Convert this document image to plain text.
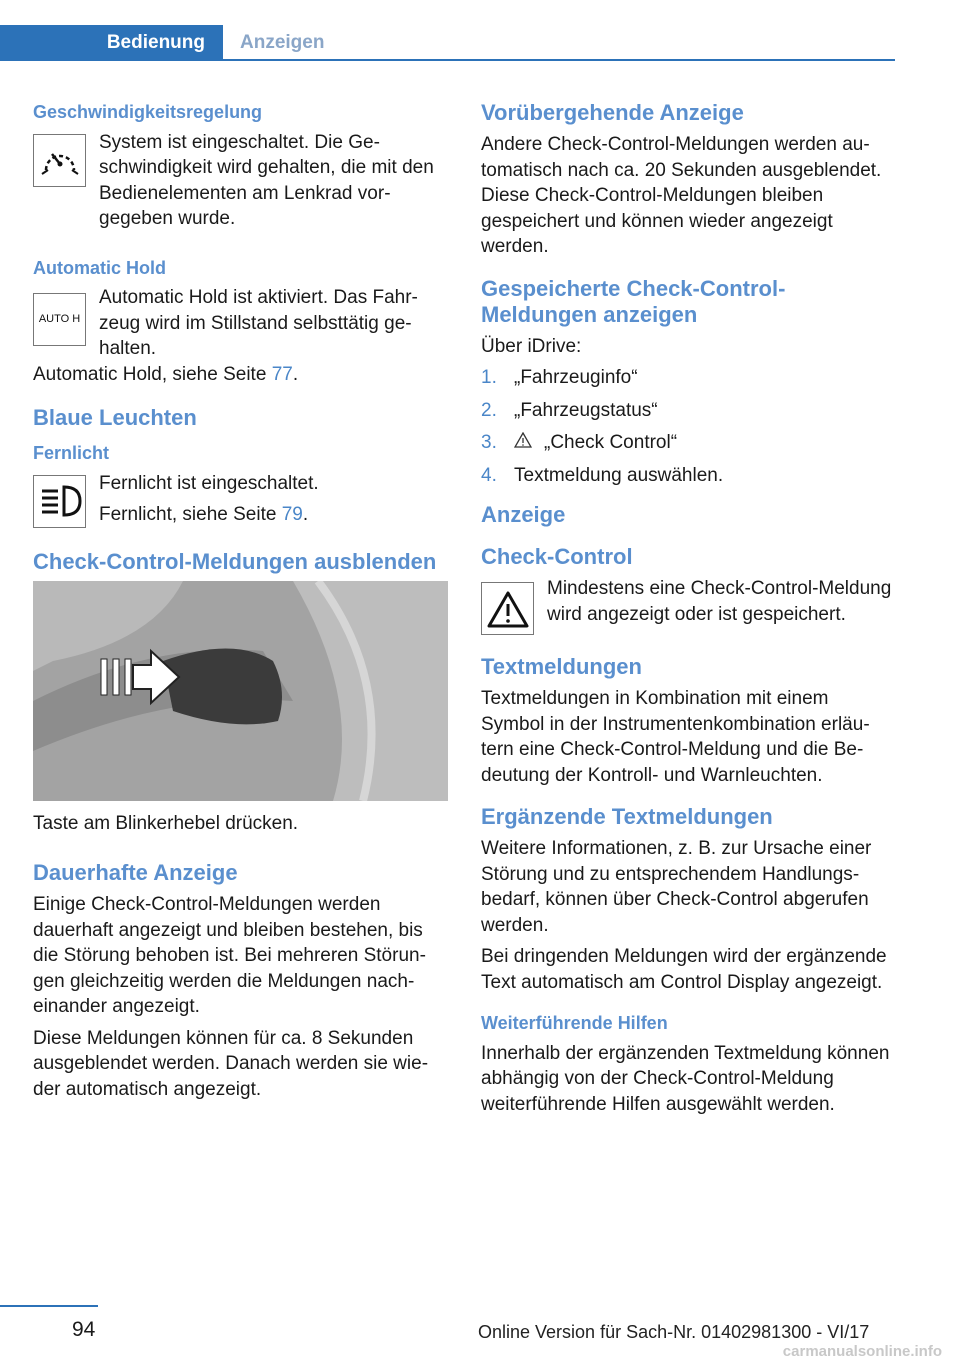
Bedienung	Anzeigen
Geschwindigkeitsregelung
System ist eingeschaltet. Die Geschwindigkeit wird gehalten, die mit den Bedienelementen am Lenkrad vorgegeben wurde.
Automatic Hold
AUTO H
Automatic Hold ist aktiviert. Das Fahrzeug wird im Stillstand selbsttätig gehalten.

Automatic Hold, siehe Seite 77.

Blaue Leuchten
Fernlicht

Fernlicht ist eingeschaltet.

Fernlicht, siehe Seite 79.

Check-Control-Meldungen ausblenden

Taste am Blinkerhebel drücken.

Dauerhafte Anzeige

Einige Check-Control-Meldungen werden dauerhaft angezeigt und bleiben bestehen, bis die Störung behoben ist. Bei mehreren Störungen gleichzeitig werden die Meldungen nacheinander angezeigt.

Diese Meldungen können für ca. 8 Sekunden ausgeblendet werden. Danach werden sie wieder automatisch angezeigt.

Vorübergehende Anzeige

Andere Check-Control-Meldungen werden automatisch nach ca. 20 Sekunden ausgeblendet. Diese Check-Control-Meldungen bleiben gespeichert und können wieder angezeigt werden.

Gespeicherte Check-Control-Meldungen anzeigen

Über iDrive:

1. „Fahrzeuginfo“
2. „Fahrzeugstatus“
3.	„Check Control“
4. Textmeldung auswählen.
Anzeige
Check-Control
Mindestens eine Check-Control-Meldung wird angezeigt oder ist gespeichert.
Textmeldungen

Textmeldungen in Kombination mit einem Symbol in der Instrumentenkombination erläutern eine Check-Control-Meldung und die Bedeutung der Kontroll- und Warnleuchten.

Ergänzende Textmeldungen

Weitere Informationen, z. B. zur Ursache einer Störung und zu entsprechendem Handlungsbedarf, können über Check-Control abgerufen werden.

Bei dringenden Meldungen wird der ergänzende Text automatisch am Control Display angezeigt.

Weiterführende Hilfen

Innerhalb der ergänzenden Textmeldung können abhängig von der Check-Control-Meldung weiterführende Hilfen ausgewählt werden.

94	Online Version für Sach-Nr. 01402981300 - VI/17
carmanualsonline.info
